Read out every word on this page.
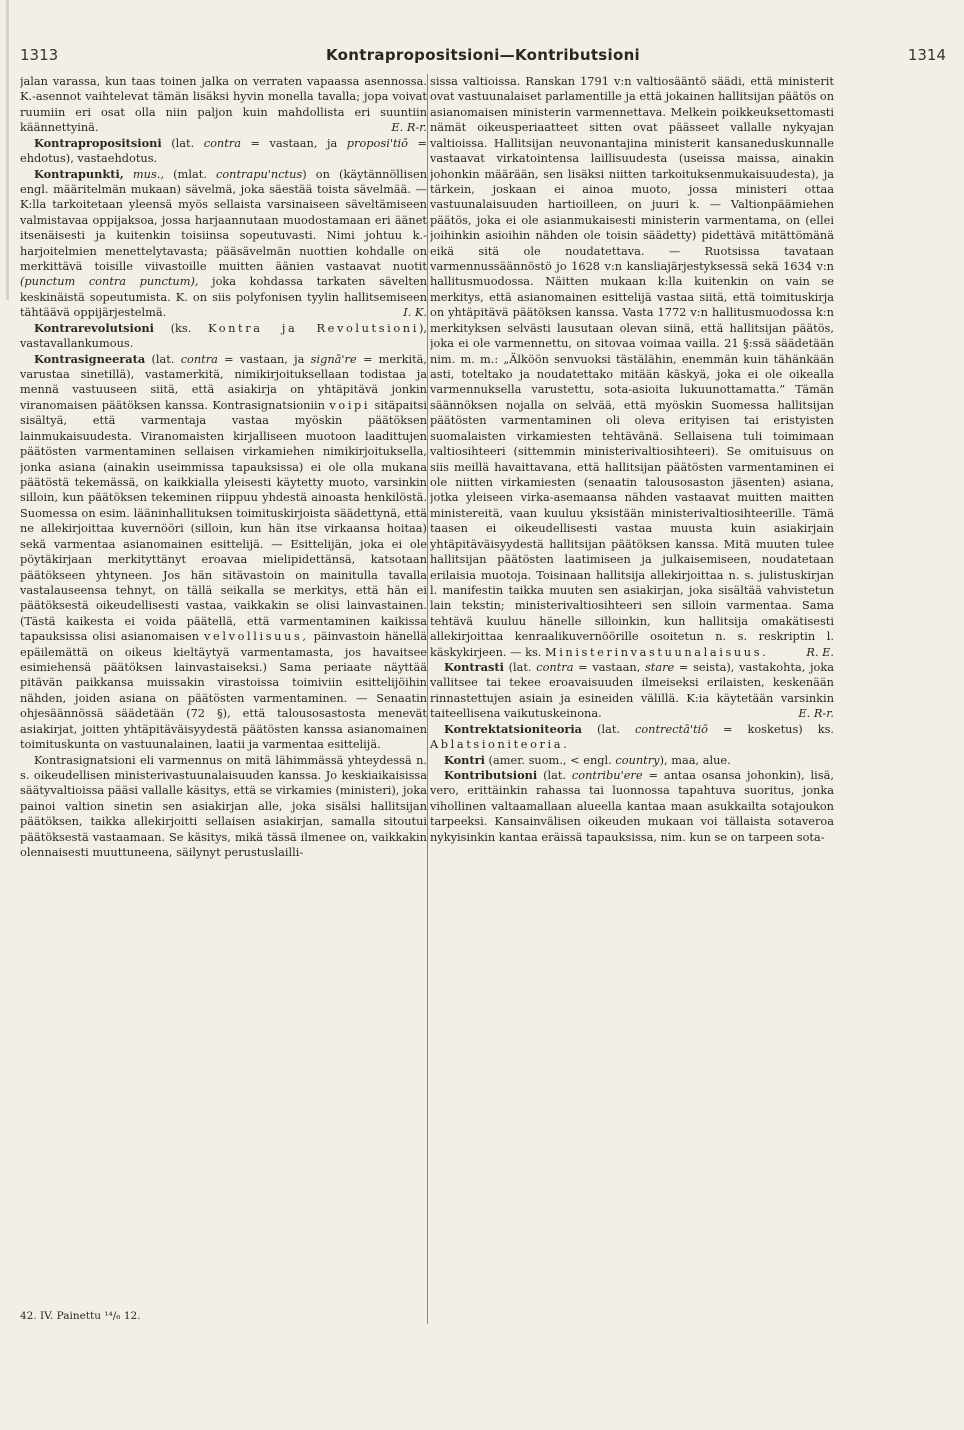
1313	Kontrapropositsioni—Kontributsioni	1314

jalan varassa, kun taas toinen jalka on verraten vapaassa asennossa. K.-asennot vaihtelevat tämän lisäksi hyvin monella tavalla; jopa voivat ruumiin eri osat olla niin paljon kuin mahdollista eri suuntiin käännettyinä.	E. R-r.

Kontrapropositsioni (lat. contra = vastaan, ja proposi'tiō = ehdotus), vastaehdotus.

Kontrapunkti, mus., (mlat. contrapu'nctus) on (käytännöllisen engl. määritelmän mukaan) sävelmä, joka säestää toista sävelmää. — K:lla tarkoitetaan yleensä myös sellaista varsinaiseen säveltämiseen valmistavaa oppijaksoa, jossa harjaannutaan muodostamaan eri äänet itsenäisesti ja kuitenkin toisiinsa sopeutuvasti. Nimi johtuu k.-harjoitelmien menettelytavasta; pääsävelmän nuottien kohdalle on merkittävä toisille viivastoille muitten äänien vastaavat nuotit (punctum contra punctum), joka kohdassa tarkaten sävelten keskinäistä sopeutumista. K. on siis polyfonisen tyylin hallitsemiseen tähtäävä oppijärjestelmä.	I. K.

Kontrarevolutsioni (ks. Kontra ja Revolutsioni), vastavallankumous.

Kontrasigneerata (lat. contra = vastaan, ja signā're = merkitä, varustaa sinetillä), vastamerkitä, nimikirjoituksellaan todistaa ja mennä vastuuseen siitä, että asiakirja on yhtäpitävä jonkin viranomaisen päätöksen kanssa. Kontrasignatsioniin voipi sitäpaitsi sisältyä, että varmentaja vastaa myöskin päätöksen lainmukaisuudesta. Viranomaisten kirjalliseen muotoon laadittujen päätösten varmentaminen sellaisen virkamiehen nimikirjoituksella, jonka asiana (ainakin useimmissa tapauksissa) ei ole olla mukana päätöstä tekemässä, on kaikkialla yleisesti käytetty muoto, varsinkin silloin, kun päätöksen tekeminen riippuu yhdestä ainoasta henkilöstä. Suomessa on esim. lääninhallituksen toimituskirjoista säädettynä, että ne allekirjoittaa kuvernööri (silloin, kun hän itse virkaansa hoitaa) sekä varmentaa asianomainen esittelijä. — Esittelijän, joka ei ole pöytäkirjaan merkityttänyt eroavaa mielipidettänsä, katsotaan päätökseen yhtyneen. Jos hän sitävastoin on mainitulla tavalla vastalauseensa tehnyt, on tällä seikalla se merkitys, että hän ei päätöksestä oikeudellisesti vastaa, vaikkakin se olisi lainvastainen. (Tästä kaikesta ei voida päätellä, että varmentaminen kaikissa tapauksissa olisi asianomaisen velvollisuus, päinvastoin hänellä epäilemättä on oikeus kieltäytyä varmentamasta, jos havaitsee esimiehensä päätöksen lainvastaiseksi.) Sama periaate näyttää pitävän paikkansa muissakin virastoissa toimiviin esittelijöihin nähden, joiden asiana on päätösten varmentaminen. — Senaatin ohjesäännössä säädetään (72 §), että talousosastosta menevät asiakirjat, joitten yhtäpitäväisyydestä päätösten kanssa asianomainen toimituskunta on vastuunalainen, laatii ja varmentaa esittelijä.

Kontrasignatsioni eli varmennus on mitä lähimmässä yhteydessä n. s. oikeudellisen ministerivastuunalaisuuden kanssa. Jo keskiaikaisissa säätyvaltioissa pääsi vallalle käsitys, että se virkamies (ministeri), joka painoi valtion sinetin sen asiakirjan alle, joka sisälsi hallitsijan päätöksen, taikka allekirjoitti sellaisen asiakirjan, samalla sitoutui päätöksestä vastaamaan. Se käsitys, mikä tässä ilmenee on, vaikkakin olennaisesti muuttuneena, säilynyt perustuslailli-

sissa valtioissa. Ranskan 1791 v:n valtiosääntö säädi, että ministerit ovat vastuunalaiset parlamentille ja että jokainen hallitsijan päätös on asianomaisen ministerin varmennettava. Melkein poikkeuksettomasti nämät oikeusperiaatteet sitten ovat päässeet vallalle nykyajan valtioissa. Hallitsijan neuvonantajina ministerit kansaneduskunnalle vastaavat virkatointensa laillisuudesta (useissa maissa, ainakin johonkin määrään, sen lisäksi niitten tarkoituksenmukaisuudesta), ja tärkein, joskaan ei ainoa muoto, jossa ministeri ottaa vastuunalaisuuden hartioilleen, on juuri k. — Valtionpäämiehen päätös, joka ei ole asianmukaisesti ministerin varmentama, on (ellei joihinkin asioihin nähden ole toisin säädetty) pidettävä mitättömänä eikä sitä ole noudatettava. — Ruotsissa tavataan varmennussäännöstö jo 1628 v:n kansliajärjestyksessä sekä 1634 v:n hallitusmuodossa. Näitten mukaan k:lla kuitenkin on vain se merkitys, että asianomainen esittelijä vastaa siitä, että toimituskirja on yhtäpitävä päätöksen kanssa. Vasta 1772 v:n hallitusmuodossa k:n merkityksen selvästi lausutaan olevan siinä, että hallitsijan päätös, joka ei ole varmennettu, on sitovaa voimaa vailla. 21 §:ssä säädetään nim. m. m.: „Älköön senvuoksi tästälähin, enemmän kuin tähänkään asti, toteltako ja noudatettako mitään käskyä, joka ei ole oikealla varmennuksella varustettu, sota-asioita lukuunottamatta.” Tämän säännöksen nojalla on selvää, että myöskin Suomessa hallitsijan päätösten varmentaminen oli oleva erityisen tai eristyisten suomalaisten virkamiesten tehtävänä. Sellaisena tuli toimimaan valtiosihteeri (sittemmin ministerivaltiosihteeri). Se omituisuus on siis meillä havaittavana, että hallitsijan päätösten varmentaminen ei ole niitten virkamiesten (senaatin talousosaston jäsenten) asiana, jotka yleiseen virka-asemaansa nähden vastaavat muitten maitten ministereitä, vaan kuuluu yksistään ministerivaltiosihteerille. Tämä taasen ei oikeudellisesti vastaa muusta kuin asiakirjain yhtäpitäväisyydestä hallitsijan päätöksen kanssa. Mitä muuten tulee hallitsijan päätösten laatimiseen ja julkaisemiseen, noudatetaan erilaisia muotoja. Toisinaan hallitsija allekirjoittaa n. s. julistuskirjan l. manifestin taikka muuten sen asiakirjan, joka sisältää vahvistetun lain tekstin; ministerivaltiosihteeri sen silloin varmentaa. Sama tehtävä kuuluu hänelle silloinkin, kun hallitsija omakätisesti allekirjoittaa kenraalikuvernöörille osoitetun n. s. reskriptin l. käskykirjeen. — ks. Ministerinvastuunalaisuus.	R. E.

Kontrasti (lat. contra = vastaan, stare = seista), vastakohta, joka vallitsee tai tekee eroavaisuuden ilmeiseksi erilaisten, keskenään rinnastettujen asiain ja esineiden välillä. K:ia käytetään varsinkin taiteellisena vaikutuskeinona.	E. R-r.

Kontrektatsioniteoria (lat. contrectā'tiō = kosketus) ks. Ablatsioniteoria.

Kontri (amer. suom., < engl. country), maa, alue.

Kontributsioni (lat. contribu'ere = antaa osansa johonkin), lisä, vero, erittäinkin rahassa tai luonnossa tapahtuva suoritus, jonka vihollinen valtaamallaan alueella kantaa maan asukkailta sotajoukon tarpeeksi. Kansainvälisen oikeuden mukaan voi tällaista sotaveroa nykyisinkin kantaa eräissä tapauksissa, nim. kun se on tarpeen sota-

42. IV. Painettu ¹⁴/₆ 12.
